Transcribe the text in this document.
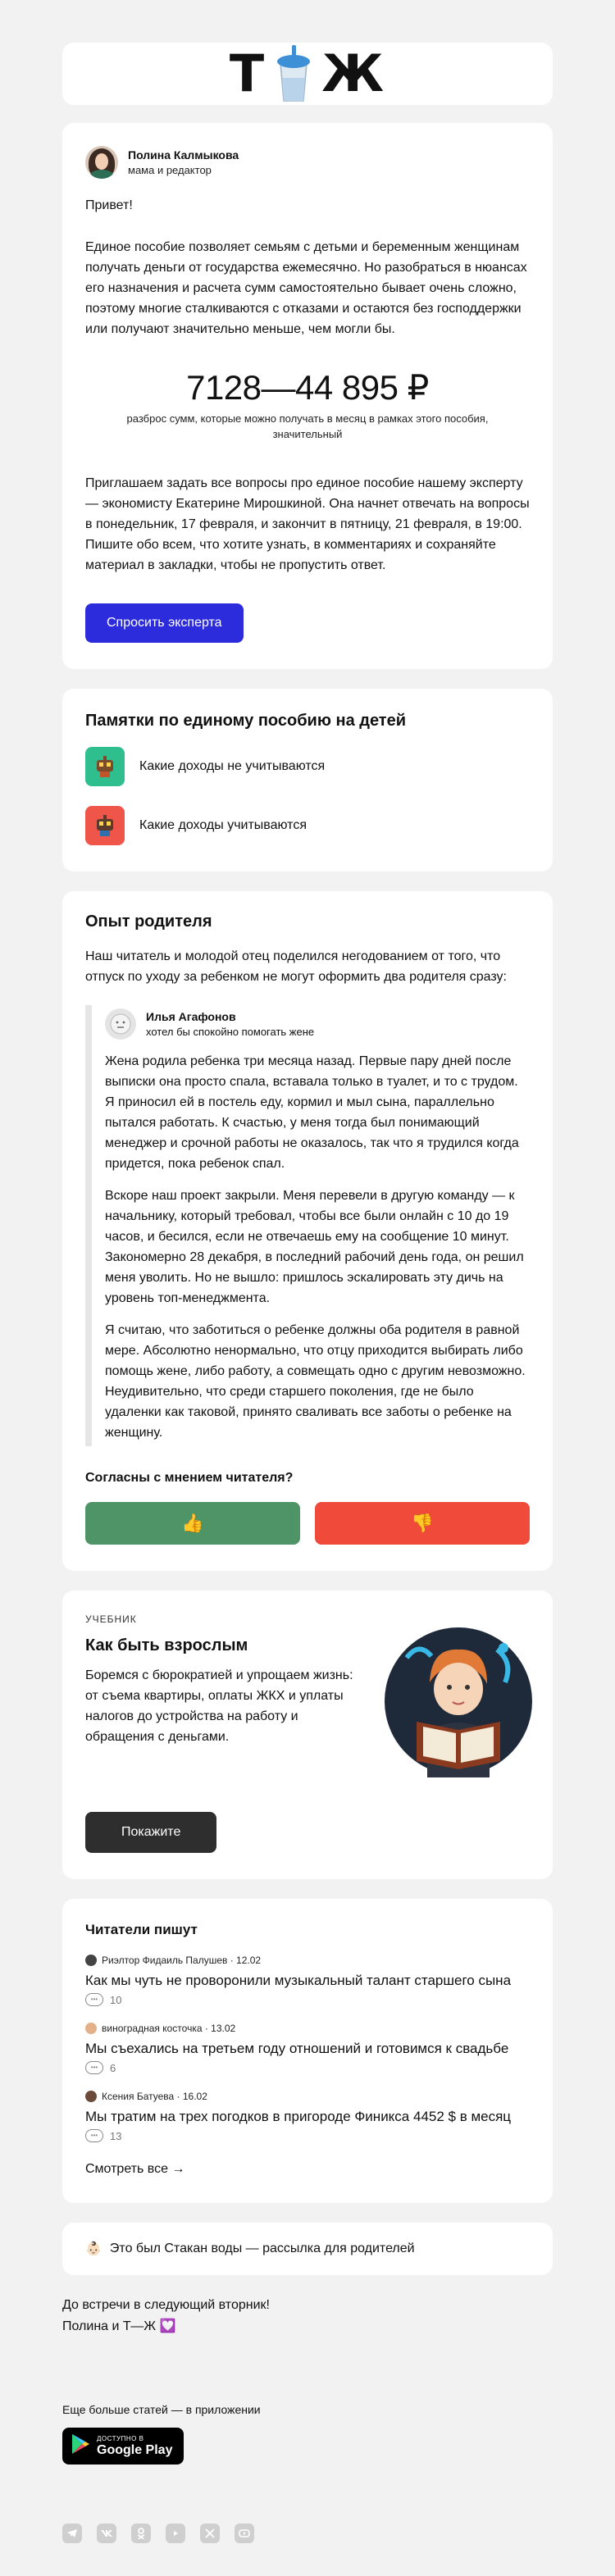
Т Ж
Полина Калмыкова
мама и редактор

Привет!

Единое пособие позволяет семьям с детьми и беременным женщинам получать деньги от государства ежемесячно. Но разобраться в нюансах его назначения и расчета сумм самостоятельно бывает очень сложно, поэтому многие сталкиваются с отказами и остаются без господдержки или получают значительно меньше, чем могли бы.

7128—44 895 ₽
разброс сумм, которые можно получать в месяц в рамках этого пособия, значительный

Приглашаем задать все вопросы про единое пособие нашему эксперту — экономисту Екатерине Мирошкиной. Она начнет отвечать на вопросы в понедельник, 17 февраля, и закончит в пятницу, 21 февраля, в 19:00. Пишите обо всем, что хотите узнать, в комментариях и сохраняйте материал в закладки, чтобы не пропустить ответ.

Спросить эксперта
Памятки по единому пособию на детей
Какие доходы не учитываются
Какие доходы учитываются
Опыт родителя

Наш читатель и молодой отец поделился негодованием от того, что отпуск по уходу за ребенком не могут оформить два родителя сразу:

Илья Агафонов
хотел бы спокойно помогать жене

Жена родила ребенка три месяца назад. Первые пару дней после выписки она просто спала, вставала только в туалет, и то с трудом. Я приносил ей в постель еду, кормил и мыл сына, параллельно пытался работать. К счастью, у меня тогда был понимающий менеджер и срочной работы не оказалось, так что я трудился когда придется, пока ребенок спал.

Вскоре наш проект закрыли. Меня перевели в другую команду — к начальнику, который требовал, чтобы все были онлайн с 10 до 19 часов, и бесился, если не отвечаешь ему на сообщение 10 минут. Закономерно 28 декабря, в последний рабочий день года, он решил меня уволить. Но не вышло: пришлось эскалировать эту дичь на уровень топ-менеджмента.

Я считаю, что заботиться о ребенке должны оба родителя в равной мере. Абсолютно ненормально, что отцу приходится выбирать либо помощь жене, либо работу, а совмещать одно с другим невозможно. Неудивительно, что среди старшего поколения, где не было удаленки как таковой, принято сваливать все заботы о ребенке на женщину.

Согласны с мнением читателя?
👍	👎
УЧЕБНИК
Как быть взрослым
Боремся с бюрократией и упрощаем жизнь: от съема квартиры, оплаты ЖКХ и уплаты налогов до устройства на работу и обращения с деньгами.
Покажите
Читатели пишут
Риэлтор Фидаиль Палушев · 12.02
Как мы чуть не проворонили музыкальный талант старшего сына
•••	10
виноградная косточка · 13.02
Мы съехались на третьем году отношений и готовимся к свадьбе
•••	6
Ксения Батуева · 16.02
Мы тратим на трех погодков в пригороде Финикса 4452 $ в месяц
•••	13
Смотреть все →
👶🏻 Это был Стакан воды — рассылка для родителей
До встречи в следующий вторник!
Полина и Т—Ж 💟
Еще больше статей — в приложении
ДОСТУПНО В
Google Play
